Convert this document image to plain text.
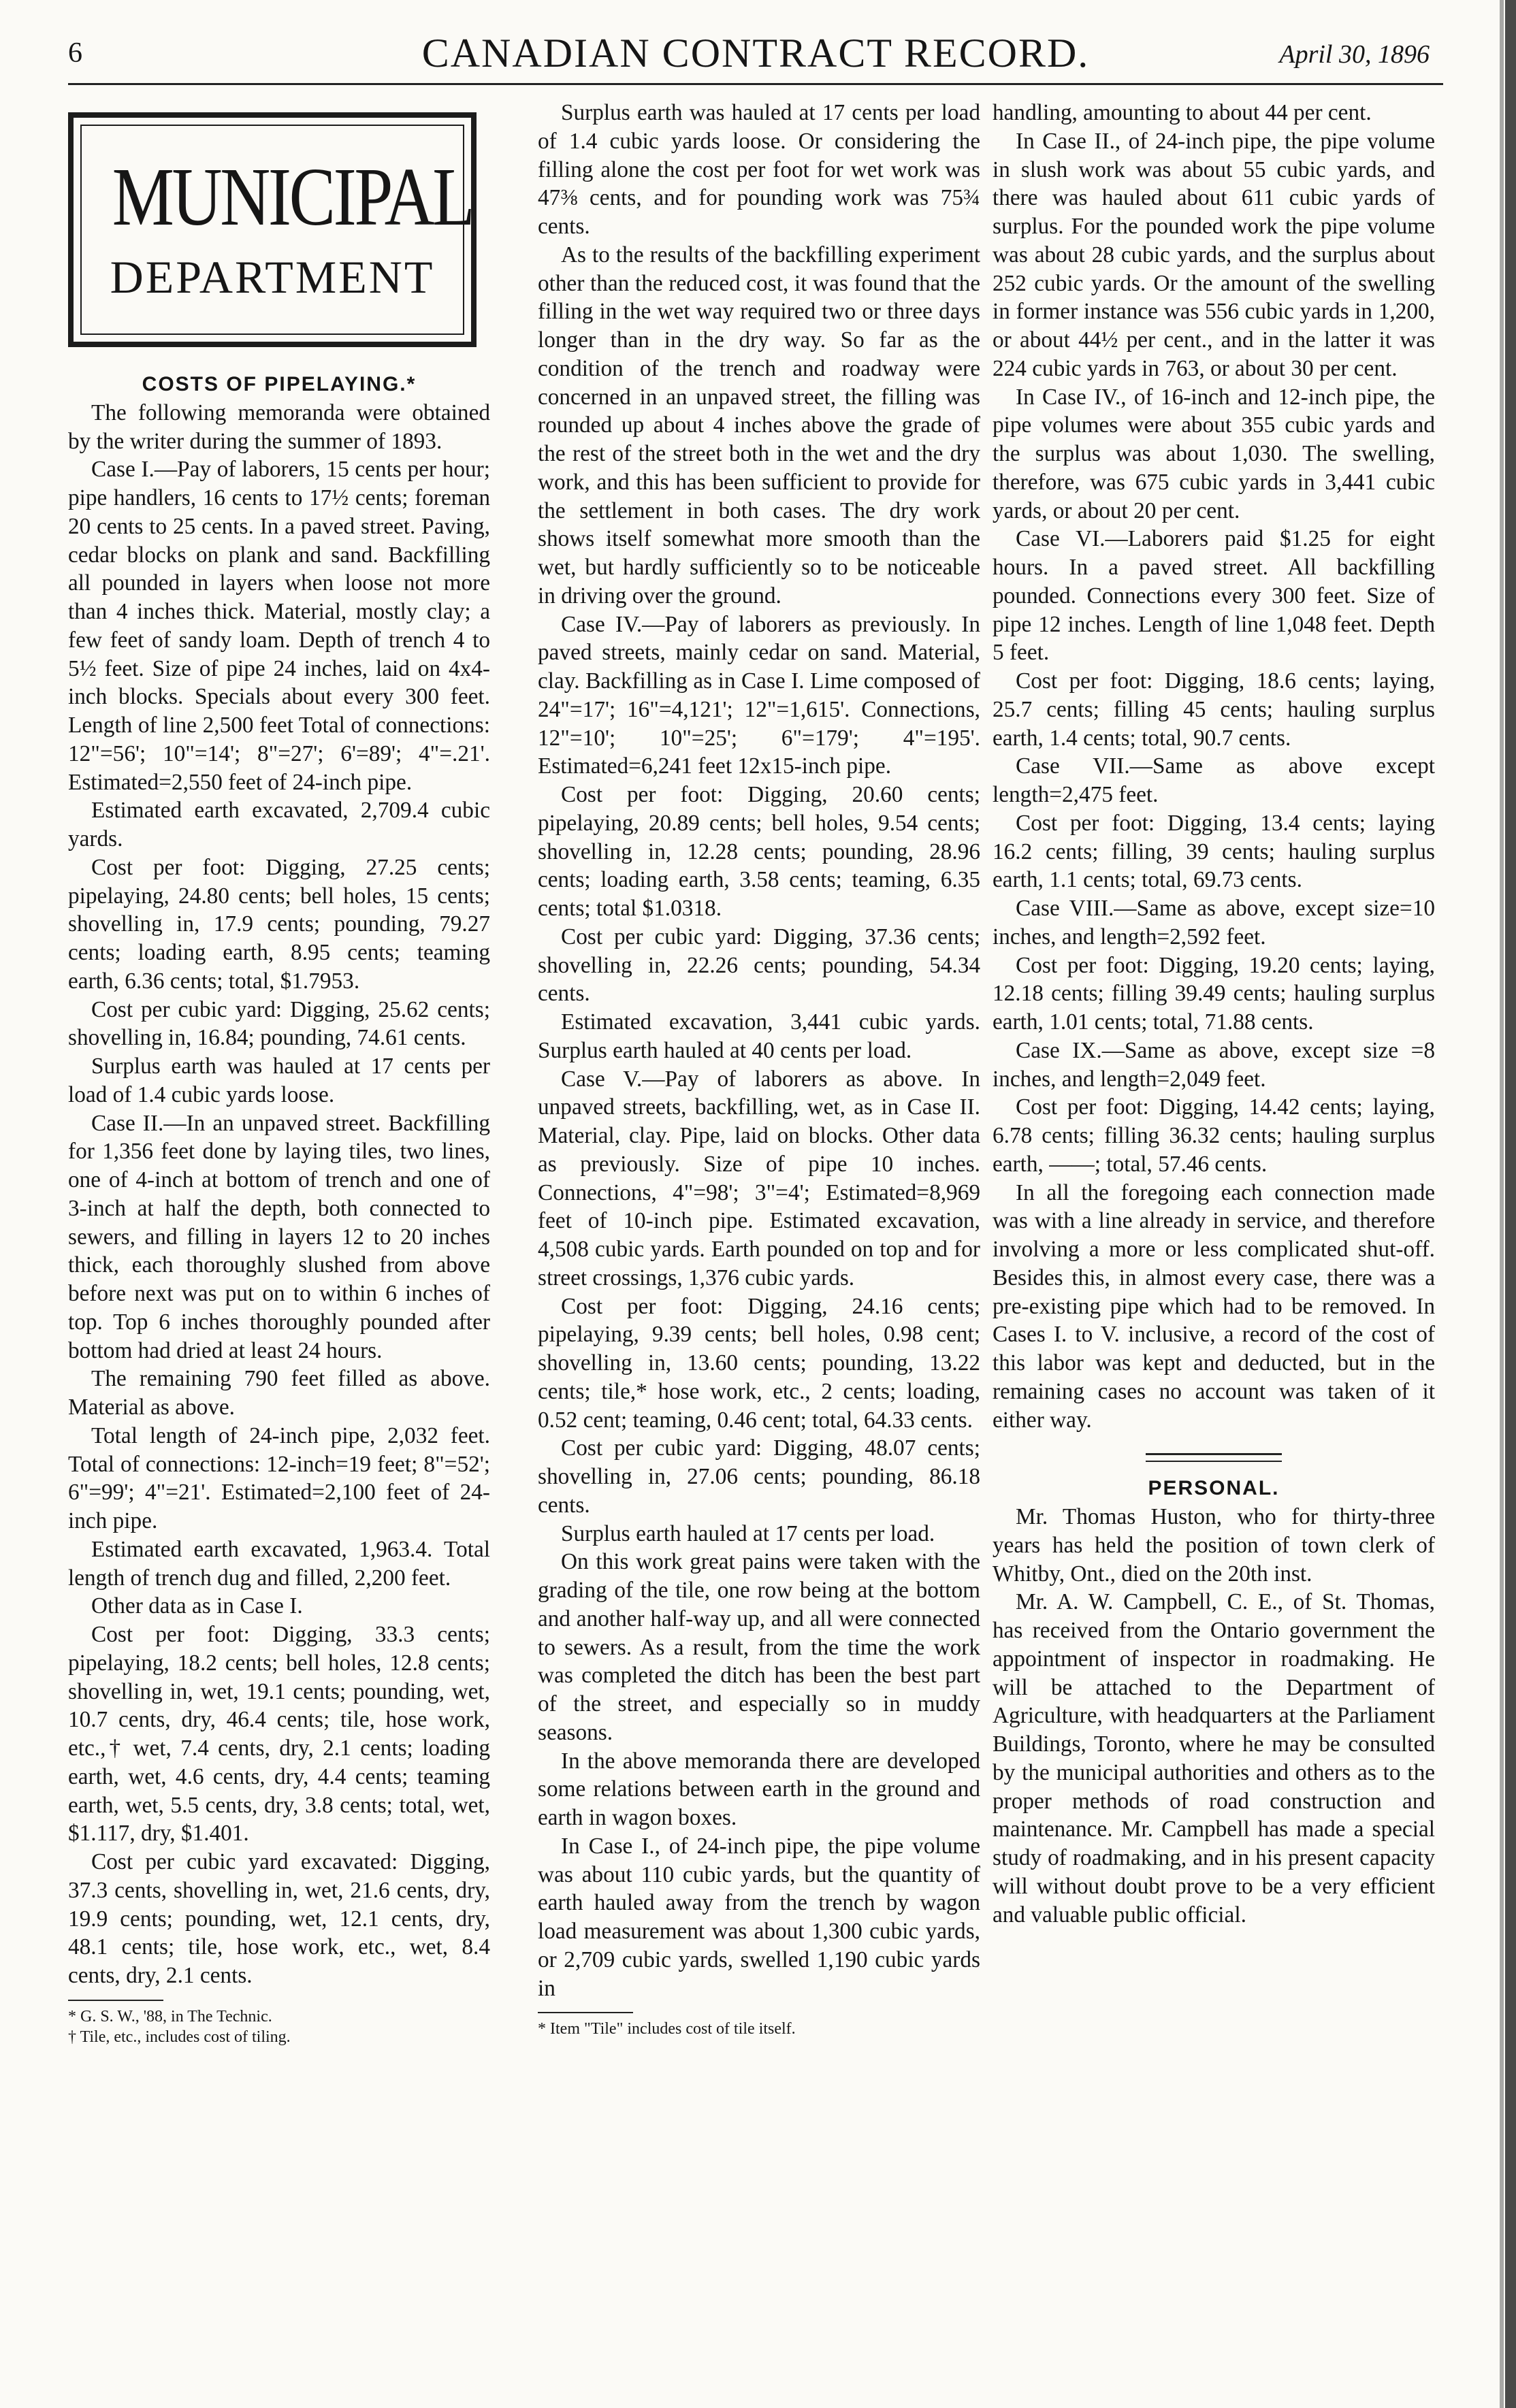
6	CANADIAN CONTRACT RECORD.	April 30, 1896
MUNICIPAL
DEPARTMENT

COSTS OF PIPELAYING.*

The following memoranda were obtained by the writer during the summer of 1893.

Case I.—Pay of laborers, 15 cents per hour; pipe handlers, 16 cents to 17½ cents; foreman 20 cents to 25 cents. In a paved street. Paving, cedar blocks on plank and sand. Backfilling all pounded in layers when loose not more than 4 inches thick. Material, mostly clay; a few feet of sandy loam. Depth of trench 4 to 5½ feet. Size of pipe 24 inches, laid on 4x4-inch blocks. Specials about every 300 feet. Length of line 2,500 feet Total of connections: 12"=56'; 10"=14'; 8"=27'; 6'=89'; 4"=.21'. Estimated=2,550 feet of 24-inch pipe.

Estimated earth excavated, 2,709.4 cubic yards.

Cost per foot: Digging, 27.25 cents; pipelaying, 24.80 cents; bell holes, 15 cents; shovelling in, 17.9 cents; pounding, 79.27 cents; loading earth, 8.95 cents; teaming earth, 6.36 cents; total, $1.7953.

Cost per cubic yard: Digging, 25.62 cents; shovelling in, 16.84; pounding, 74.61 cents.

Surplus earth was hauled at 17 cents per load of 1.4 cubic yards loose.

Case II.—In an unpaved street. Backfilling for 1,356 feet done by laying tiles, two lines, one of 4-inch at bottom of trench and one of 3-inch at half the depth, both connected to sewers, and filling in layers 12 to 20 inches thick, each thoroughly slushed from above before next was put on to within 6 inches of top. Top 6 inches thoroughly pounded after bottom had dried at least 24 hours.

The remaining 790 feet filled as above. Material as above.

Total length of 24-inch pipe, 2,032 feet. Total of connections: 12-inch=19 feet; 8"=52'; 6"=99'; 4"=21'. Estimated=2,100 feet of 24-inch pipe.

Estimated earth excavated, 1,963.4. Total length of trench dug and filled, 2,200 feet.

Other data as in Case I.

Cost per foot: Digging, 33.3 cents; pipelaying, 18.2 cents; bell holes, 12.8 cents; shovelling in, wet, 19.1 cents; pounding, wet, 10.7 cents, dry, 46.4 cents; tile, hose work, etc.,† wet, 7.4 cents, dry, 2.1 cents; loading earth, wet, 4.6 cents, dry, 4.4 cents; teaming earth, wet, 5.5 cents, dry, 3.8 cents; total, wet, $1.117, dry, $1.401.

Cost per cubic yard excavated: Digging, 37.3 cents, shovelling in, wet, 21.6 cents, dry, 19.9 cents; pounding, wet, 12.1 cents, dry, 48.1 cents; tile, hose work, etc., wet, 8.4 cents, dry, 2.1 cents.

* G. S. W., '88, in The Technic.

† Tile, etc., includes cost of tiling.

Surplus earth was hauled at 17 cents per load of 1.4 cubic yards loose. Or considering the filling alone the cost per foot for wet work was 47⅜ cents, and for pounding work was 75¾ cents.

As to the results of the backfilling experiment other than the reduced cost, it was found that the filling in the wet way required two or three days longer than in the dry way. So far as the condition of the trench and roadway were concerned in an unpaved street, the filling was rounded up about 4 inches above the grade of the rest of the street both in the wet and the dry work, and this has been sufficient to provide for the settlement in both cases. The dry work shows itself somewhat more smooth than the wet, but hardly sufficiently so to be noticeable in driving over the ground.

Case IV.—Pay of laborers as previously. In paved streets, mainly cedar on sand. Material, clay. Backfilling as in Case I. Lime composed of 24"=17'; 16"=4,121'; 12"=1,615'. Connections, 12"=10'; 10"=25'; 6"=179'; 4"=195'. Estimated=6,241 feet 12x15-inch pipe.

Cost per foot: Digging, 20.60 cents; pipelaying, 20.89 cents; bell holes, 9.54 cents; shovelling in, 12.28 cents; pounding, 28.96 cents; loading earth, 3.58 cents; teaming, 6.35 cents; total $1.0318.

Cost per cubic yard: Digging, 37.36 cents; shovelling in, 22.26 cents; pounding, 54.34 cents.

Estimated excavation, 3,441 cubic yards. Surplus earth hauled at 40 cents per load.

Case V.—Pay of laborers as above. In unpaved streets, backfilling, wet, as in Case II. Material, clay. Pipe, laid on blocks. Other data as previously. Size of pipe 10 inches. Connections, 4"=98'; 3"=4'; Estimated=8,969 feet of 10-inch pipe. Estimated excavation, 4,508 cubic yards. Earth pounded on top and for street crossings, 1,376 cubic yards.

Cost per foot: Digging, 24.16 cents; pipelaying, 9.39 cents; bell holes, 0.98 cent; shovelling in, 13.60 cents; pounding, 13.22 cents; tile,* hose work, etc., 2 cents; loading, 0.52 cent; teaming, 0.46 cent; total, 64.33 cents.

Cost per cubic yard: Digging, 48.07 cents; shovelling in, 27.06 cents; pounding, 86.18 cents.

Surplus earth hauled at 17 cents per load.

On this work great pains were taken with the grading of the tile, one row being at the bottom and another half-way up, and all were connected to sewers. As a result, from the time the work was completed the ditch has been the best part of the street, and especially so in muddy seasons.

In the above memoranda there are developed some relations between earth in the ground and earth in wagon boxes.

In Case I., of 24-inch pipe, the pipe volume was about 110 cubic yards, but the quantity of earth hauled away from the trench by wagon load measurement was about 1,300 cubic yards, or 2,709 cubic yards, swelled 1,190 cubic yards in

* Item "Tile" includes cost of tile itself.

handling, amounting to about 44 per cent.

In Case II., of 24-inch pipe, the pipe volume in slush work was about 55 cubic yards, and there was hauled about 611 cubic yards of surplus. For the pounded work the pipe volume was about 28 cubic yards, and the surplus about 252 cubic yards. Or the amount of the swelling in former instance was 556 cubic yards in 1,200, or about 44½ per cent., and in the latter it was 224 cubic yards in 763, or about 30 per cent.

In Case IV., of 16-inch and 12-inch pipe, the pipe volumes were about 355 cubic yards and the surplus was about 1,030. The swelling, therefore, was 675 cubic yards in 3,441 cubic yards, or about 20 per cent.

Case VI.—Laborers paid $1.25 for eight hours. In a paved street. All backfilling pounded. Connections every 300 feet. Size of pipe 12 inches. Length of line 1,048 feet. Depth 5 feet.

Cost per foot: Digging, 18.6 cents; laying, 25.7 cents; filling 45 cents; hauling surplus earth, 1.4 cents; total, 90.7 cents.

Case VII.—Same as above except length=2,475 feet.

Cost per foot: Digging, 13.4 cents; laying 16.2 cents; filling, 39 cents; hauling surplus earth, 1.1 cents; total, 69.73 cents.

Case VIII.—Same as above, except size=10 inches, and length=2,592 feet.

Cost per foot: Digging, 19.20 cents; laying, 12.18 cents; filling 39.49 cents; hauling surplus earth, 1.01 cents; total, 71.88 cents.

Case IX.—Same as above, except size =8 inches, and length=2,049 feet.

Cost per foot: Digging, 14.42 cents; laying, 6.78 cents; filling 36.32 cents; hauling surplus earth, ——; total, 57.46 cents.

In all the foregoing each connection made was with a line already in service, and therefore involving a more or less complicated shut-off. Besides this, in almost every case, there was a pre-existing pipe which had to be removed. In Cases I. to V. inclusive, a record of the cost of this labor was kept and deducted, but in the remaining cases no account was taken of it either way.

PERSONAL.

Mr. Thomas Huston, who for thirty-three years has held the position of town clerk of Whitby, Ont., died on the 20th inst.

Mr. A. W. Campbell, C. E., of St. Thomas, has received from the Ontario government the appointment of inspector in roadmaking. He will be attached to the Department of Agriculture, with headquarters at the Parliament Buildings, Toronto, where he may be consulted by the municipal authorities and others as to the proper methods of road construction and maintenance. Mr. Campbell has made a special study of roadmaking, and in his present capacity will without doubt prove to be a very efficient and valuable public official.
